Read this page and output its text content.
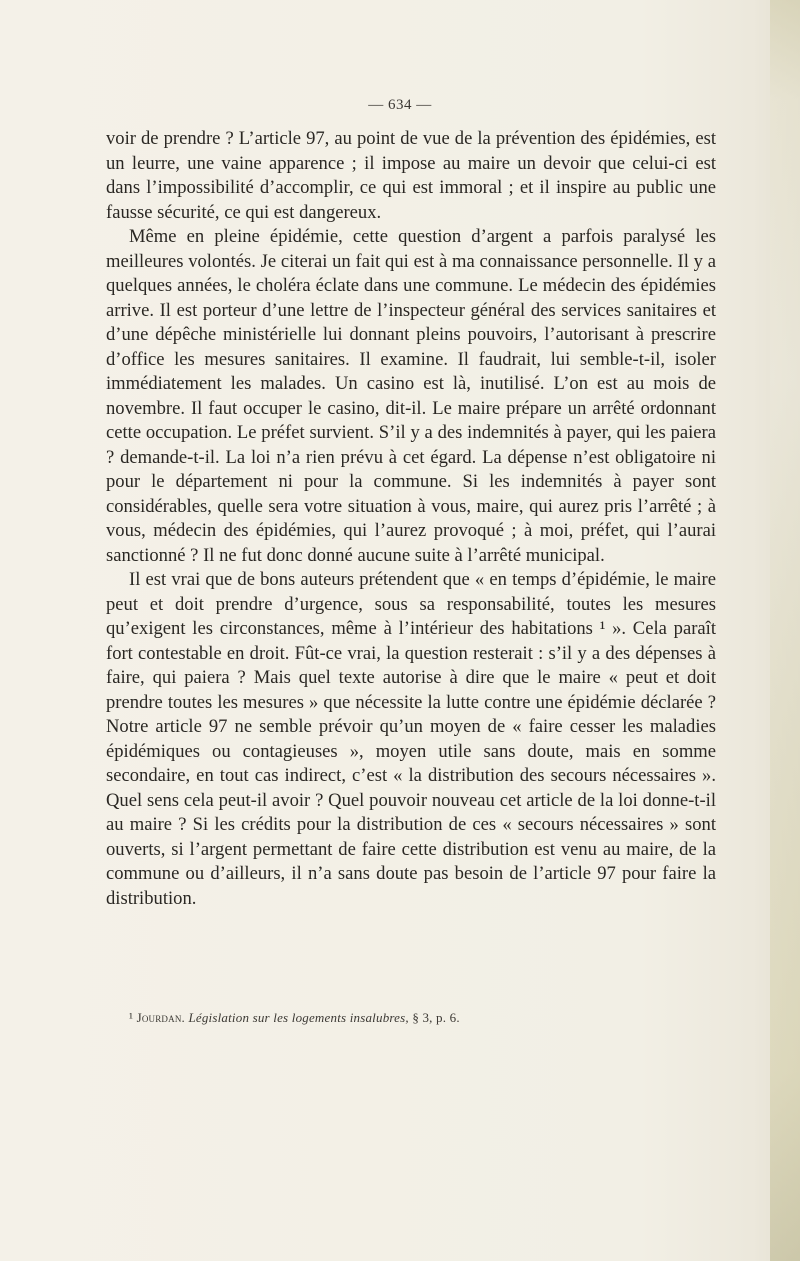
— 634 —

voir de prendre ? L’article 97, au point de vue de la prévention des épidémies, est un leurre, une vaine apparence ; il impose au maire un devoir que celui-ci est dans l’impossibilité d’accomplir, ce qui est immoral ; et il inspire au public une fausse sécurité, ce qui est dangereux.

Même en pleine épidémie, cette question d’argent a parfois paralysé les meilleures volontés. Je citerai un fait qui est à ma connaissance personnelle. Il y a quelques années, le choléra éclate dans une commune. Le médecin des épidémies arrive. Il est porteur d’une lettre de l’inspecteur général des services sanitaires et d’une dépêche ministérielle lui donnant pleins pouvoirs, l’autorisant à prescrire d’office les mesures sanitaires. Il examine. Il faudrait, lui semble-t-il, isoler immédiatement les malades. Un casino est là, inutilisé. L’on est au mois de novembre. Il faut occuper le casino, dit-il. Le maire prépare un arrêté ordonnant cette occupation. Le préfet survient. S’il y a des indemnités à payer, qui les paiera ? demande-t-il. La loi n’a rien prévu à cet égard. La dépense n’est obligatoire ni pour le département ni pour la commune. Si les indemnités à payer sont considérables, quelle sera votre situation à vous, maire, qui aurez pris l’arrêté ; à vous, médecin des épidémies, qui l’aurez provoqué ; à moi, préfet, qui l’aurai sanctionné ? Il ne fut donc donné aucune suite à l’arrêté municipal.

Il est vrai que de bons auteurs prétendent que « en temps d’épidémie, le maire peut et doit prendre d’urgence, sous sa responsabilité, toutes les mesures qu’exigent les circonstances, même à l’intérieur des habitations ¹ ». Cela paraît fort contestable en droit. Fût-ce vrai, la question resterait : s’il y a des dépenses à faire, qui paiera ? Mais quel texte autorise à dire que le maire « peut et doit prendre toutes les mesures » que nécessite la lutte contre une épidémie déclarée ? Notre article 97 ne semble prévoir qu’un moyen de « faire cesser les maladies épidémiques ou contagieuses », moyen utile sans doute, mais en somme secondaire, en tout cas indirect, c’est « la distribution des secours nécessaires ». Quel sens cela peut-il avoir ? Quel pouvoir nouveau cet article de la loi donne-t-il au maire ? Si les crédits pour la distribution de ces « secours nécessaires » sont ouverts, si l’argent permettant de faire cette distribution est venu au maire, de la commune ou d’ailleurs, il n’a sans doute pas besoin de l’article 97 pour faire la distribution.

¹ Jourdan. Législation sur les logements insalubres, § 3, p. 6.
